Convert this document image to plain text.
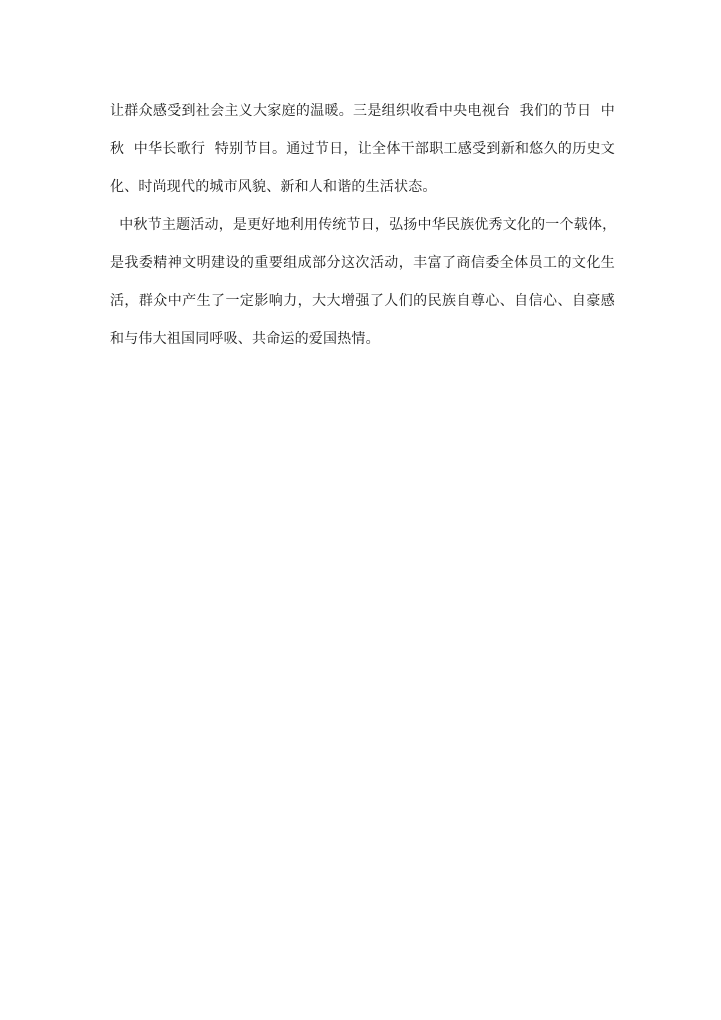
让群众感受到社会主义大家庭的温暖。三是组织收看中央电视台  我们的节日  中
秋  中华长歌行  特别节目。通过节日，让全体干部职工感受到新和悠久的历史文
化、时尚现代的城市风貌、新和人和谐的生活状态。
中秋节主题活动，是更好地利用传统节日，弘扬中华民族优秀文化的一个载体，
是我委精神文明建设的重要组成部分这次活动，丰富了商信委全体员工的文化生
活，群众中产生了一定影响力，大大增强了人们的民族自尊心、自信心、自豪感
和与伟大祖国同呼吸、共命运的爱国热情。
